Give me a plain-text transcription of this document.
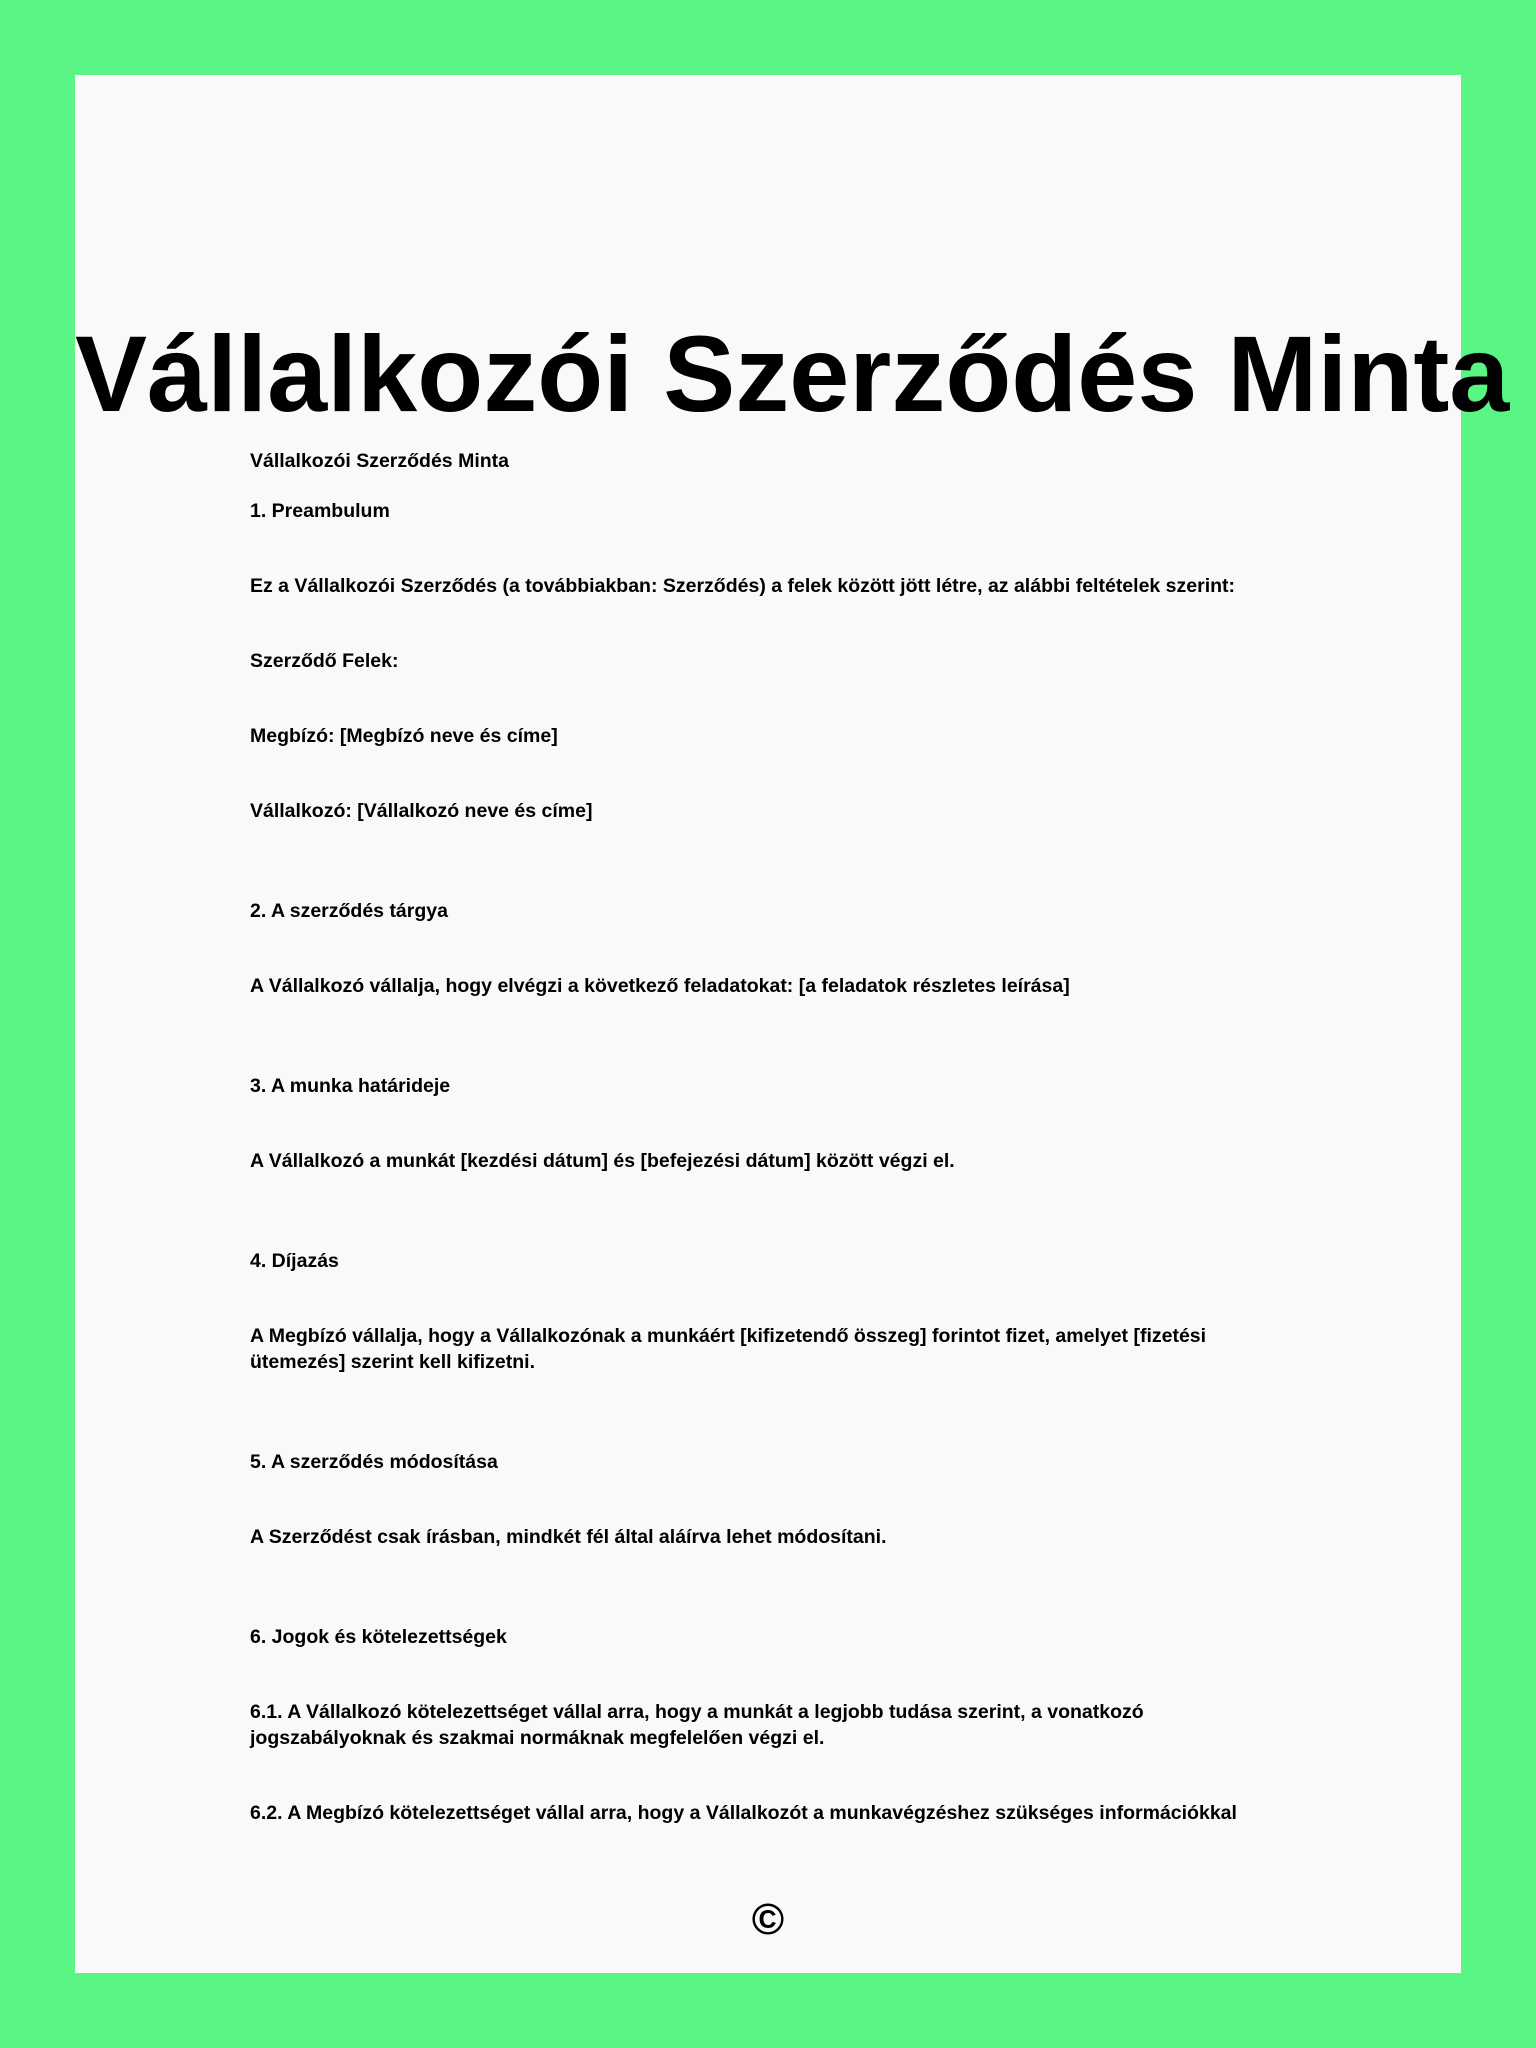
Vállalkozói Szerződés Minta

Vállalkozói Szerződés Minta

1. Preambulum

Ez a Vállalkozói Szerződés (a továbbiakban: Szerződés) a felek között jött létre, az alábbi feltételek szerint:

Szerződő Felek:

Megbízó: [Megbízó neve és címe]

Vállalkozó: [Vállalkozó neve és címe]

2. A szerződés tárgya

A Vállalkozó vállalja, hogy elvégzi a következő feladatokat: [a feladatok részletes leírása]

3. A munka határideje

A Vállalkozó a munkát [kezdési dátum] és [befejezési dátum] között végzi el.

4. Díjazás

A Megbízó vállalja, hogy a Vállalkozónak a munkáért [kifizetendő összeg] forintot fizet, amelyet [fizetési ütemezés] szerint kell kifizetni.

5. A szerződés módosítása

A Szerződést csak írásban, mindkét fél által aláírva lehet módosítani.

6. Jogok és kötelezettségek

6.1. A Vállalkozó kötelezettséget vállal arra, hogy a munkát a legjobb tudása szerint, a vonatkozó jogszabályoknak és szakmai normáknak megfelelően végzi el.

6.2. A Megbízó kötelezettséget vállal arra, hogy a Vállalkozót a munkavégzéshez szükséges információkkal

©
